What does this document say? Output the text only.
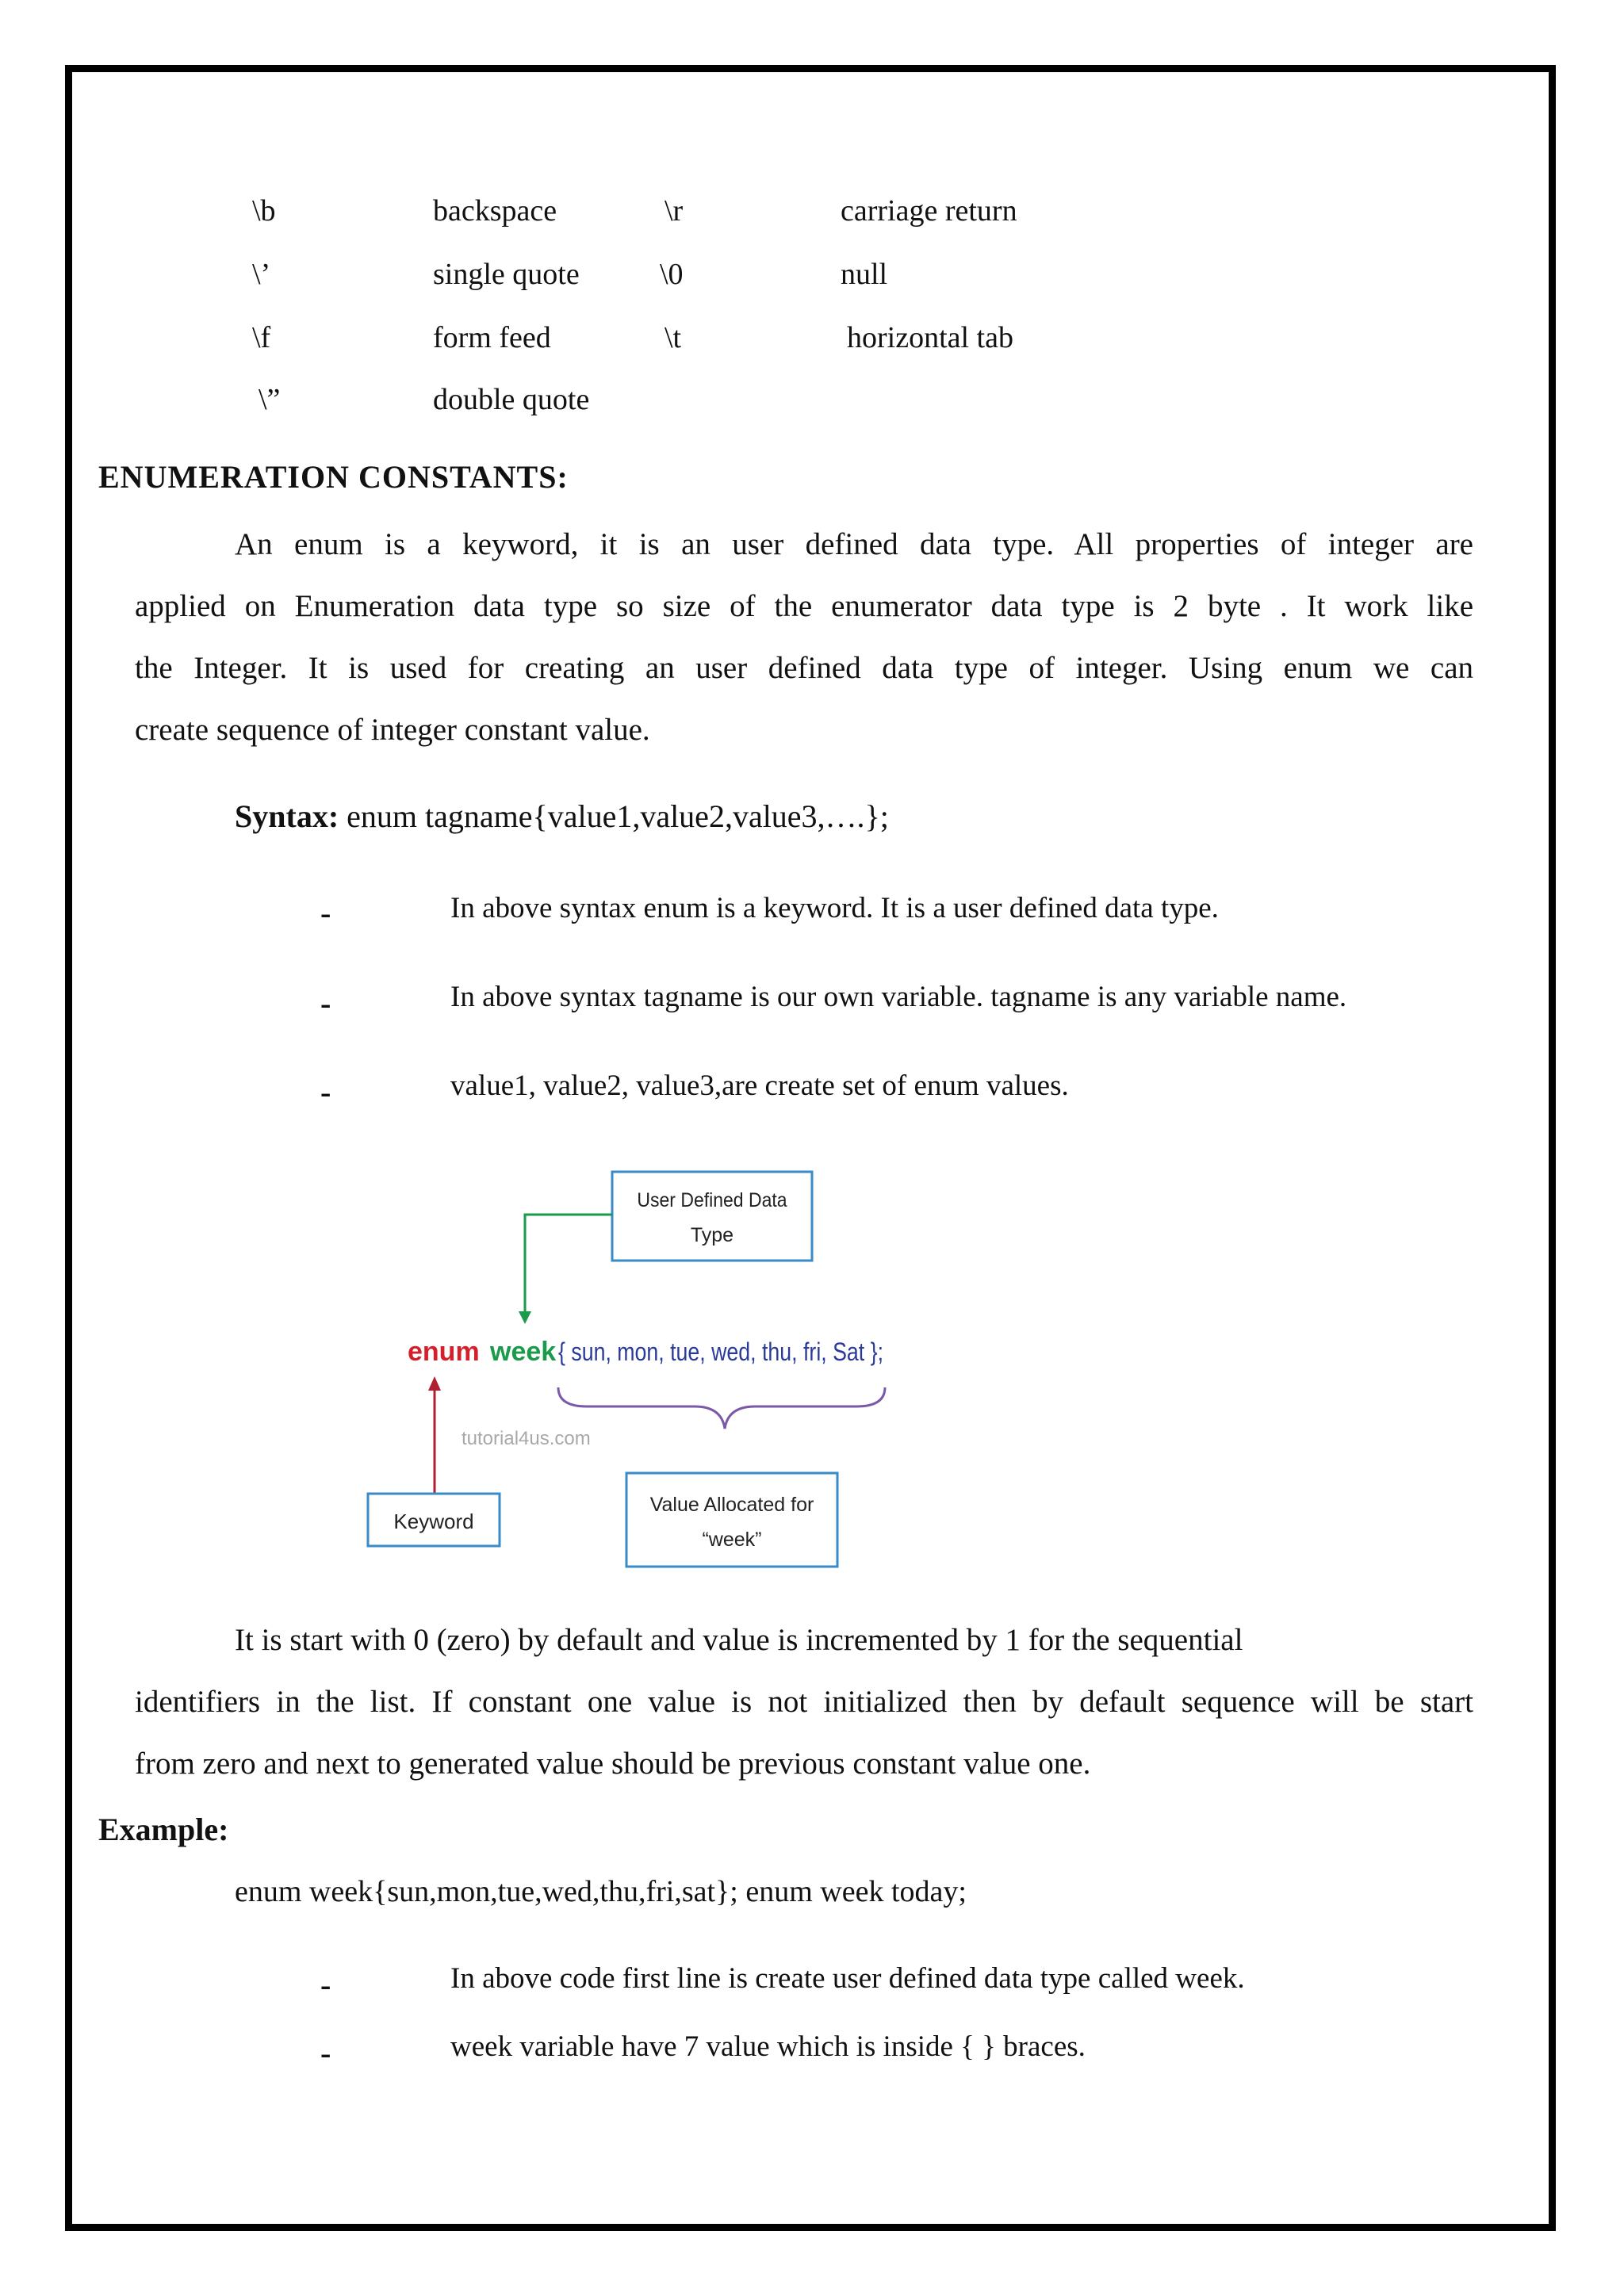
\b	backspace	\r	carriage return
\’	single quote	\0	null
\f	form feed	\t	horizontal tab
\”	double quote
ENUMERATION CONSTANTS:
An enum is a keyword, it is an user defined data type. All properties of integer are
applied on Enumeration data type so size of the enumerator data type is 2 byte . It work like
the Integer. It is used for creating an user defined data type of integer. Using enum we can
create sequence of integer constant value.
Syntax: enum tagname{value1,value2,value3,….};
-	In above syntax enum is a keyword. It is a user defined data type.
-	In above syntax tagname is our own variable. tagname is any variable name.
-	value1, value2, value3,are create set of enum values.
User Defined Data
Type
enum week { sun, mon, tue, wed, thu, fri, Sat };
tutorial4us.com
Keyword
Value Allocated for
“week”
It is start with 0 (zero) by default and value is incremented by 1 for the sequential
identifiers in the list. If constant one value is not initialized then by default sequence will be start
from zero and next to generated value should be previous constant value one.
Example:
enum week{sun,mon,tue,wed,thu,fri,sat}; enum week today;
-	In above code first line is create user defined data type called week.
-	week variable have 7 value which is inside { } braces.
